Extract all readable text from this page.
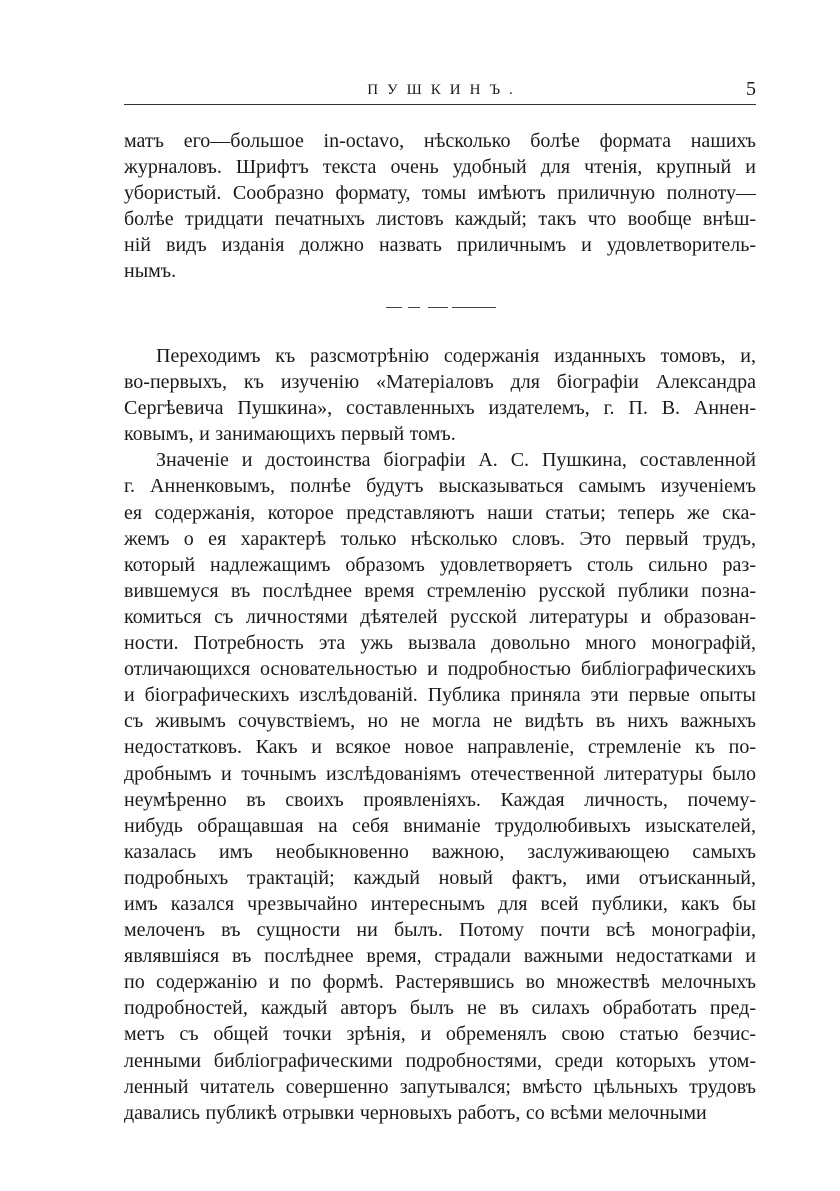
ПУШКИНЪ.	5
матъ его—большое in-octavo, нѣсколько болѣе формата нашихъ
журналовъ. Шрифтъ текста очень удобный для чтенія, крупный и
убористый. Сообразно формату, томы имѣютъ приличную полноту—
болѣе тридцати печатныхъ листовъ каждый; такъ что вообще внѣш-
ній видъ изданія должно назвать приличнымъ и удовлетворитель-
нымъ.
Переходимъ къ разсмотрѣнію содержанія изданныхъ томовъ, и,
во-первыхъ, къ изученію «Матеріаловъ для біографіи Александра
Сергѣевича Пушкина», составленныхъ издателемъ, г. П. В. Аннен-
ковымъ, и занимающихъ первый томъ.
Значеніе и достоинства біографіи А. С. Пушкина, составленной
г. Анненковымъ, полнѣе будутъ высказываться самымъ изученіемъ
ея содержанія, которое представляютъ наши статьи; теперь же ска-
жемъ о ея характерѣ только нѣсколько словъ. Это первый трудъ,
который надлежащимъ образомъ удовлетворяетъ столь сильно раз-
вившемуся въ послѣднее время стремленію русской публики позна-
комиться съ личностями дѣятелей русской литературы и образован-
ности. Потребность эта ужь вызвала довольно много монографій,
отличающихся основательностью и подробностью библіографическихъ
и біографическихъ изслѣдованій. Публика приняла эти первые опыты
съ живымъ сочувствіемъ, но не могла не видѣть въ нихъ важныхъ
недостатковъ. Какъ и всякое новое направленіе, стремленіе къ по-
дробнымъ и точнымъ изслѣдованіямъ отечественной литературы было
неумѣренно въ своихъ проявленіяхъ. Каждая личность, почему-
нибудь обращавшая на себя вниманіе трудолюбивыхъ изыскателей,
казалась имъ необыкновенно важною, заслуживающею самыхъ
подробныхъ трактацій; каждый новый фактъ, ими отъисканный,
имъ казался чрезвычайно интереснымъ для всей публики, какъ бы
мелоченъ въ сущности ни былъ. Потому почти всѣ монографіи,
являвшіяся въ послѣднее время, страдали важными недостатками и
по содержанію и по формѣ. Растерявшись во множествѣ мелочныхъ
подробностей, каждый авторъ былъ не въ силахъ обработать пред-
метъ съ общей точки зрѣнія, и обременялъ свою статью безчис-
ленными библіографическими подробностями, среди которыхъ утом-
ленный читатель совершенно запутывался; вмѣсто цѣльныхъ трудовъ
давались публикѣ отрывки черновыхъ работъ, со всѣми мелочными
